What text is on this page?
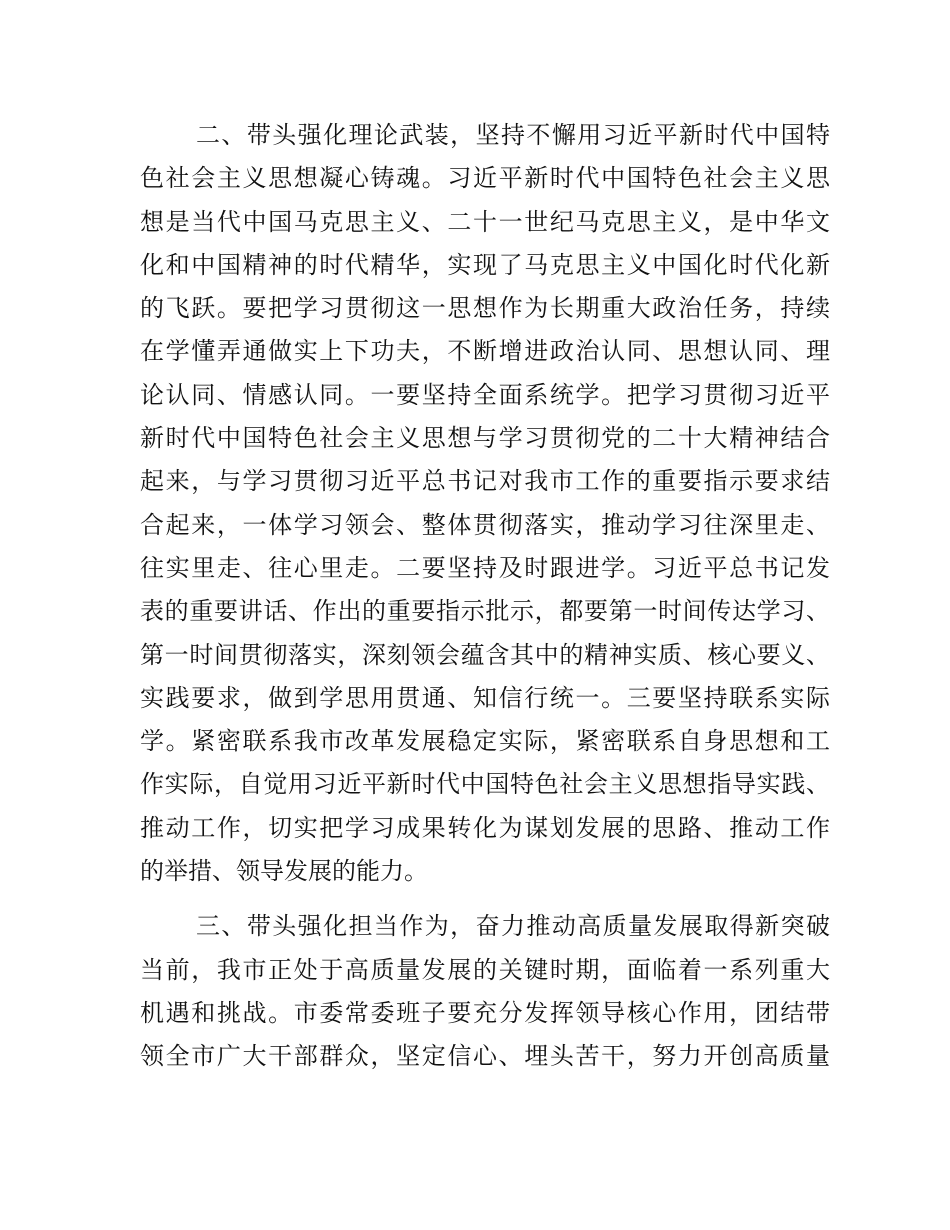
二、带头强化理论武装，坚持不懈用习近平新时代中国特
色社会主义思想凝心铸魂。习近平新时代中国特色社会主义思
想是当代中国马克思主义、二十一世纪马克思主义，是中华文
化和中国精神的时代精华，实现了马克思主义中国化时代化新
的飞跃。要把学习贯彻这一思想作为长期重大政治任务，持续
在学懂弄通做实上下功夫，不断增进政治认同、思想认同、理
论认同、情感认同。一要坚持全面系统学。把学习贯彻习近平
新时代中国特色社会主义思想与学习贯彻党的二十大精神结合
起来，与学习贯彻习近平总书记对我市工作的重要指示要求结
合起来，一体学习领会、整体贯彻落实，推动学习往深里走、
往实里走、往心里走。二要坚持及时跟进学。习近平总书记发
表的重要讲话、作出的重要指示批示，都要第一时间传达学习、
第一时间贯彻落实，深刻领会蕴含其中的精神实质、核心要义、
实践要求，做到学思用贯通、知信行统一。三要坚持联系实际
学。紧密联系我市改革发展稳定实际，紧密联系自身思想和工
作实际，自觉用习近平新时代中国特色社会主义思想指导实践、
推动工作，切实把学习成果转化为谋划发展的思路、推动工作
的举措、领导发展的能力。
三、带头强化担当作为，奋力推动高质量发展取得新突破
当前，我市正处于高质量发展的关键时期，面临着一系列重大
机遇和挑战。市委常委班子要充分发挥领导核心作用，团结带
领全市广大干部群众，坚定信心、埋头苦干，努力开创高质量
